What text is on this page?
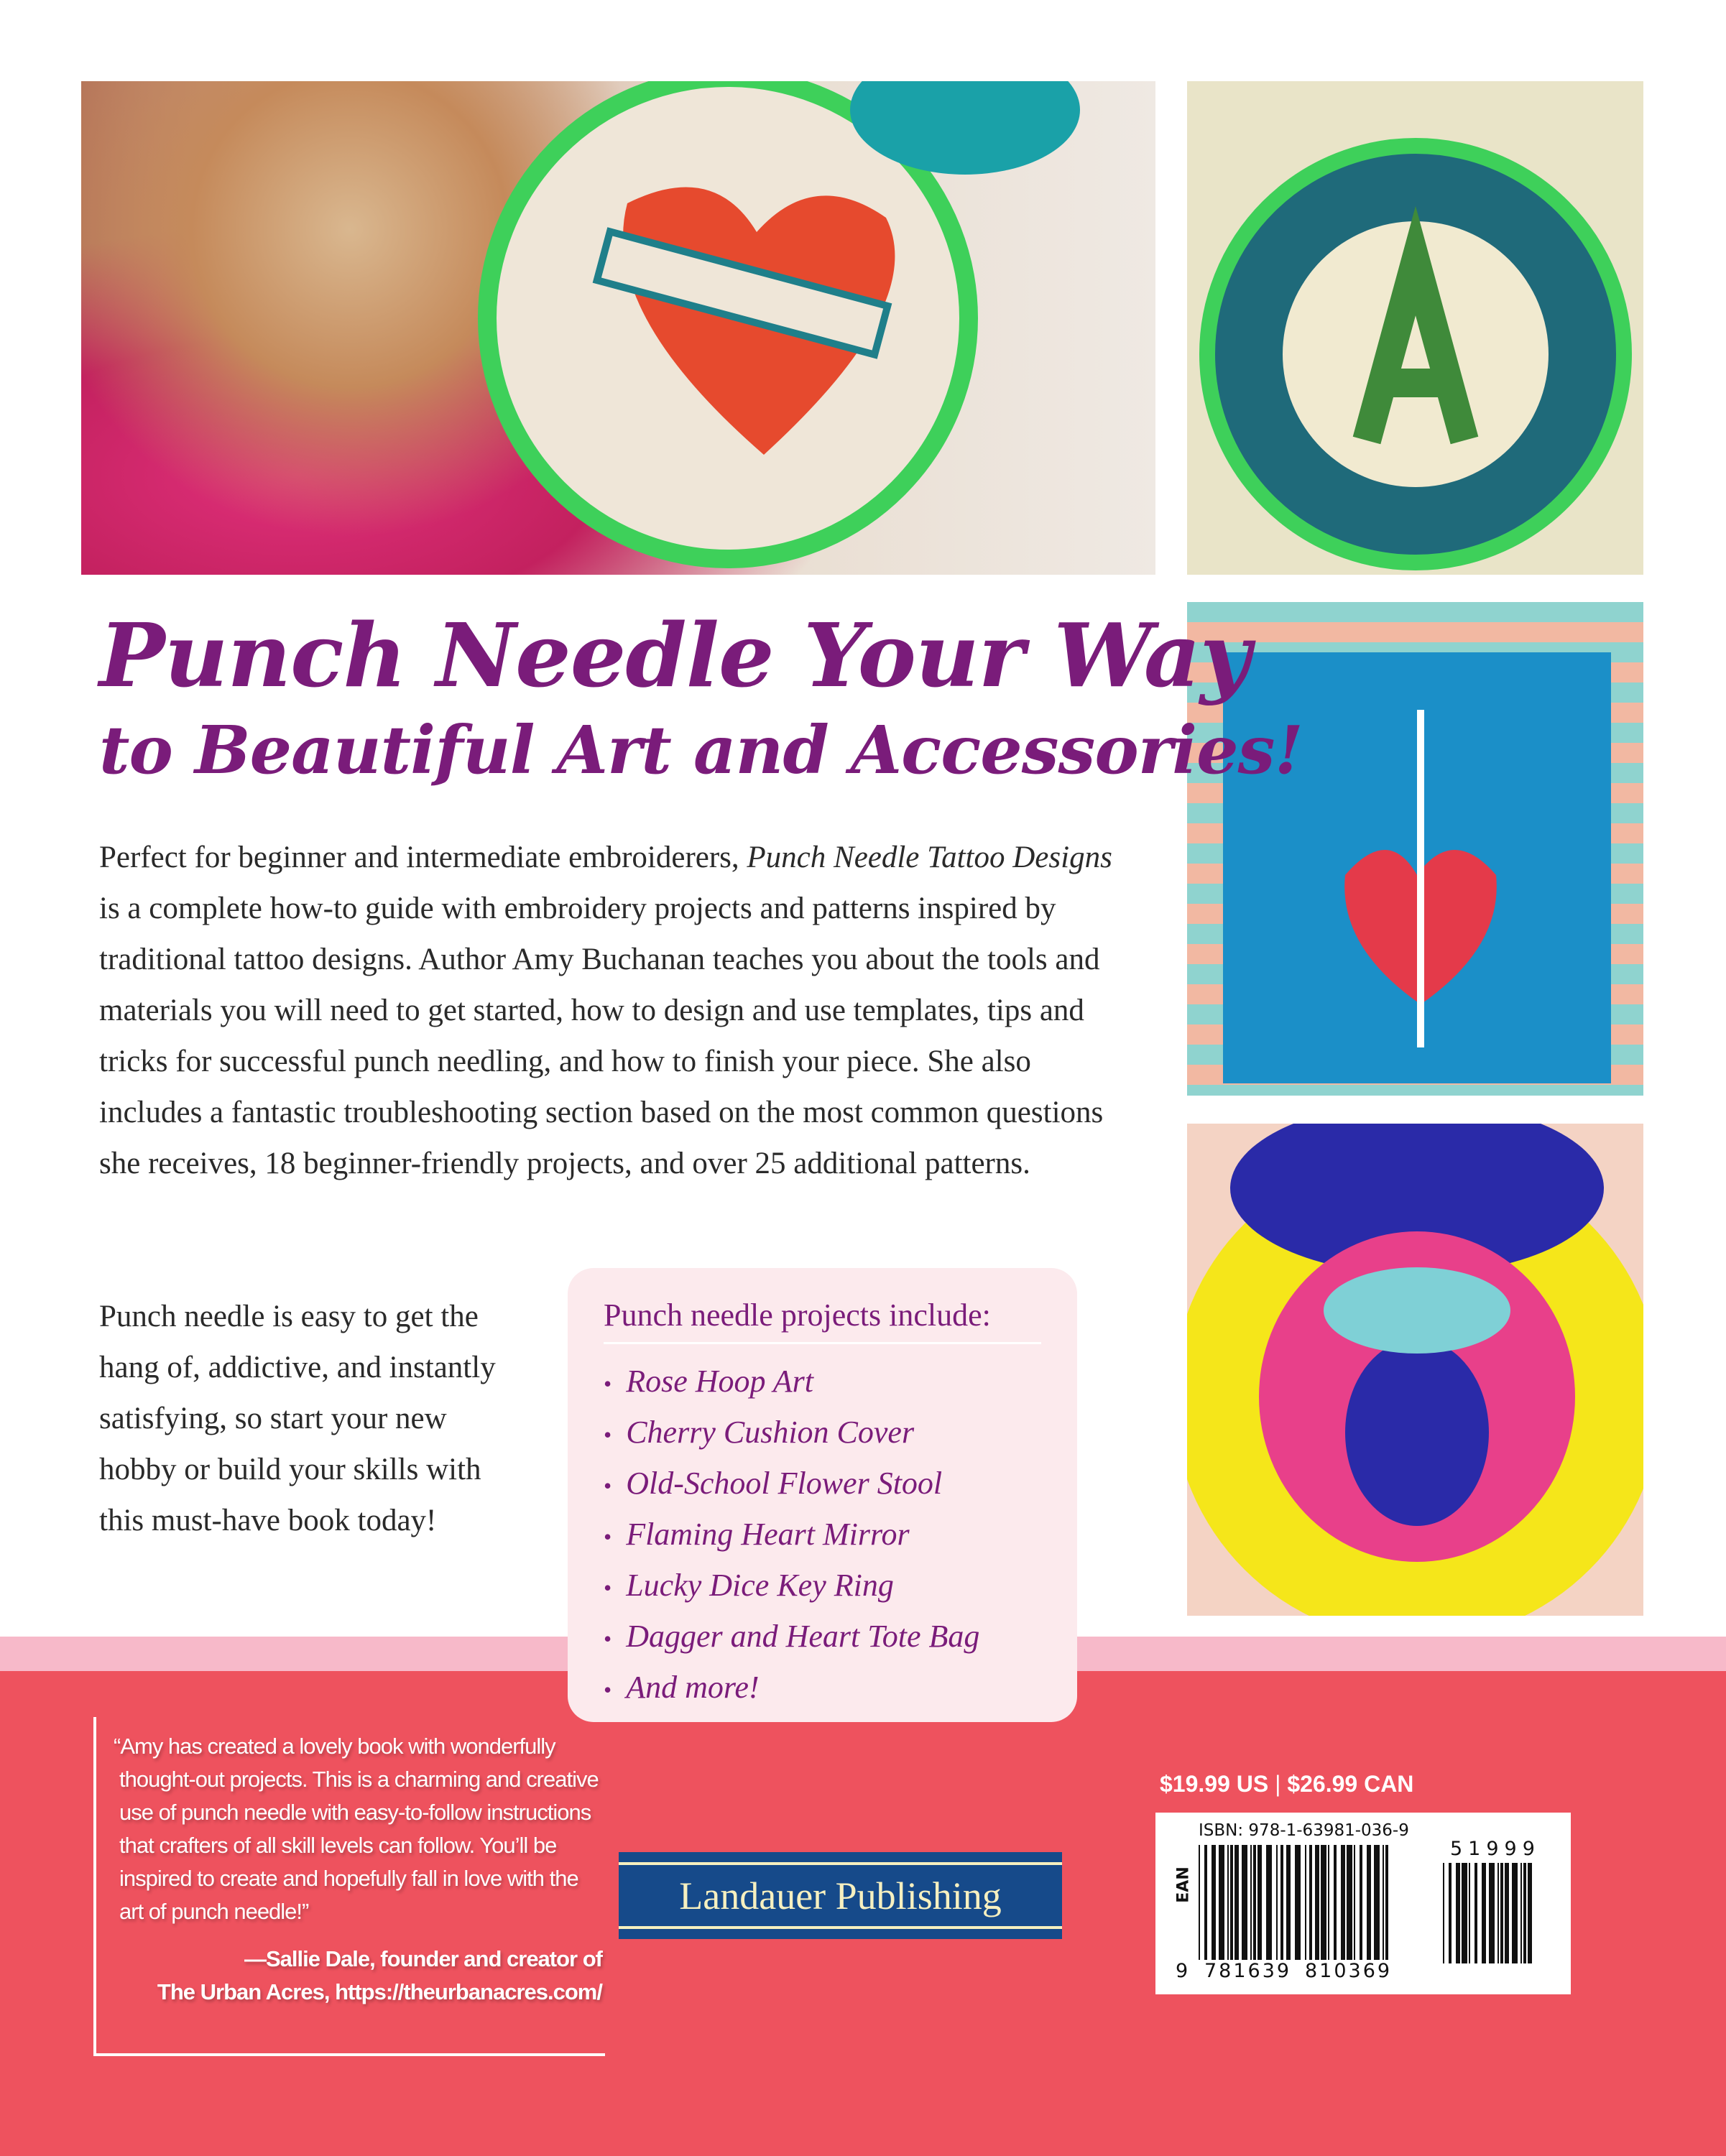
Punch Needle Your Way
to Beautiful Art and Accessories!

Perfect for beginner and intermediate embroiderers, Punch Needle Tattoo Designs is a complete how-to guide with embroidery projects and patterns inspired by traditional tattoo designs. Author Amy Buchanan teaches you about the tools and materials you will need to get started, how to design and use templates, tips and tricks for successful punch needling, and how to finish your piece. She also includes a fantastic troubleshooting section based on the most common questions she receives, 18 beginner-friendly projects, and over 25 additional patterns.

Punch needle is easy to get the hang of, addictive, and instantly satisfying, so start your new hobby or build your skills with this must-have book today!
Punch needle projects include:
• Rose Hoop Art
• Cherry Cushion Cover
• Old-School Flower Stool
• Flaming Heart Mirror
• Lucky Dice Key Ring
• Dagger and Heart Tote Bag
• And more!
“Amy has created a lovely book with wonderfully thought-out projects. This is a charming and creative use of punch needle with easy-to-follow instructions that crafters of all skill levels can follow. You’ll be inspired to create and hopefully fall in love with the art of punch needle!”
—Sallie Dale, founder and creator of
The Urban Acres, https://theurbanacres.com/
Landauer Publishing
$19.99 US | $26.99 CAN
EAN
ISBN: 978-1-63981-036-9
9 781639 810369
51999
